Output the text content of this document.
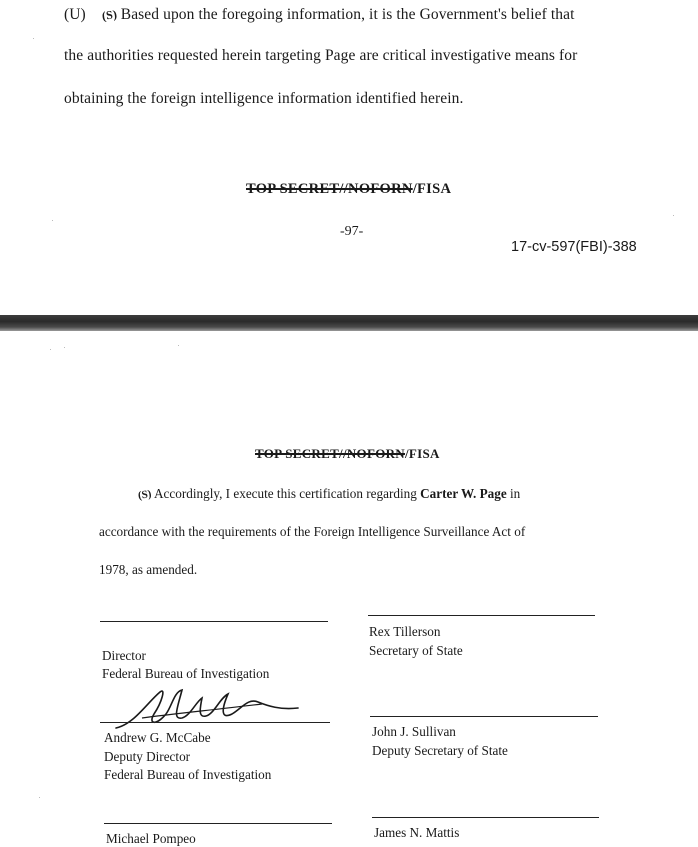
(U) (S) Based upon the foregoing information, it is the Government's belief that
the authorities requested herein targeting Page are critical investigative means for
obtaining the foreign intelligence information identified herein.
TOP SECRET//NOFORN/FISA
-97-
17-cv-597(FBI)-388
TOP SECRET//NOFORN/FISA
(S) Accordingly, I execute this certification regarding Carter W. Page in
accordance with the requirements of the Foreign Intelligence Surveillance Act of
1978, as amended.
Rex Tillerson
Secretary of State
Director
Federal Bureau of Investigation
Andrew G. McCabe
Deputy Director
Federal Bureau of Investigation
John J. Sullivan
Deputy Secretary of State
Michael Pompeo	James N. Mattis
